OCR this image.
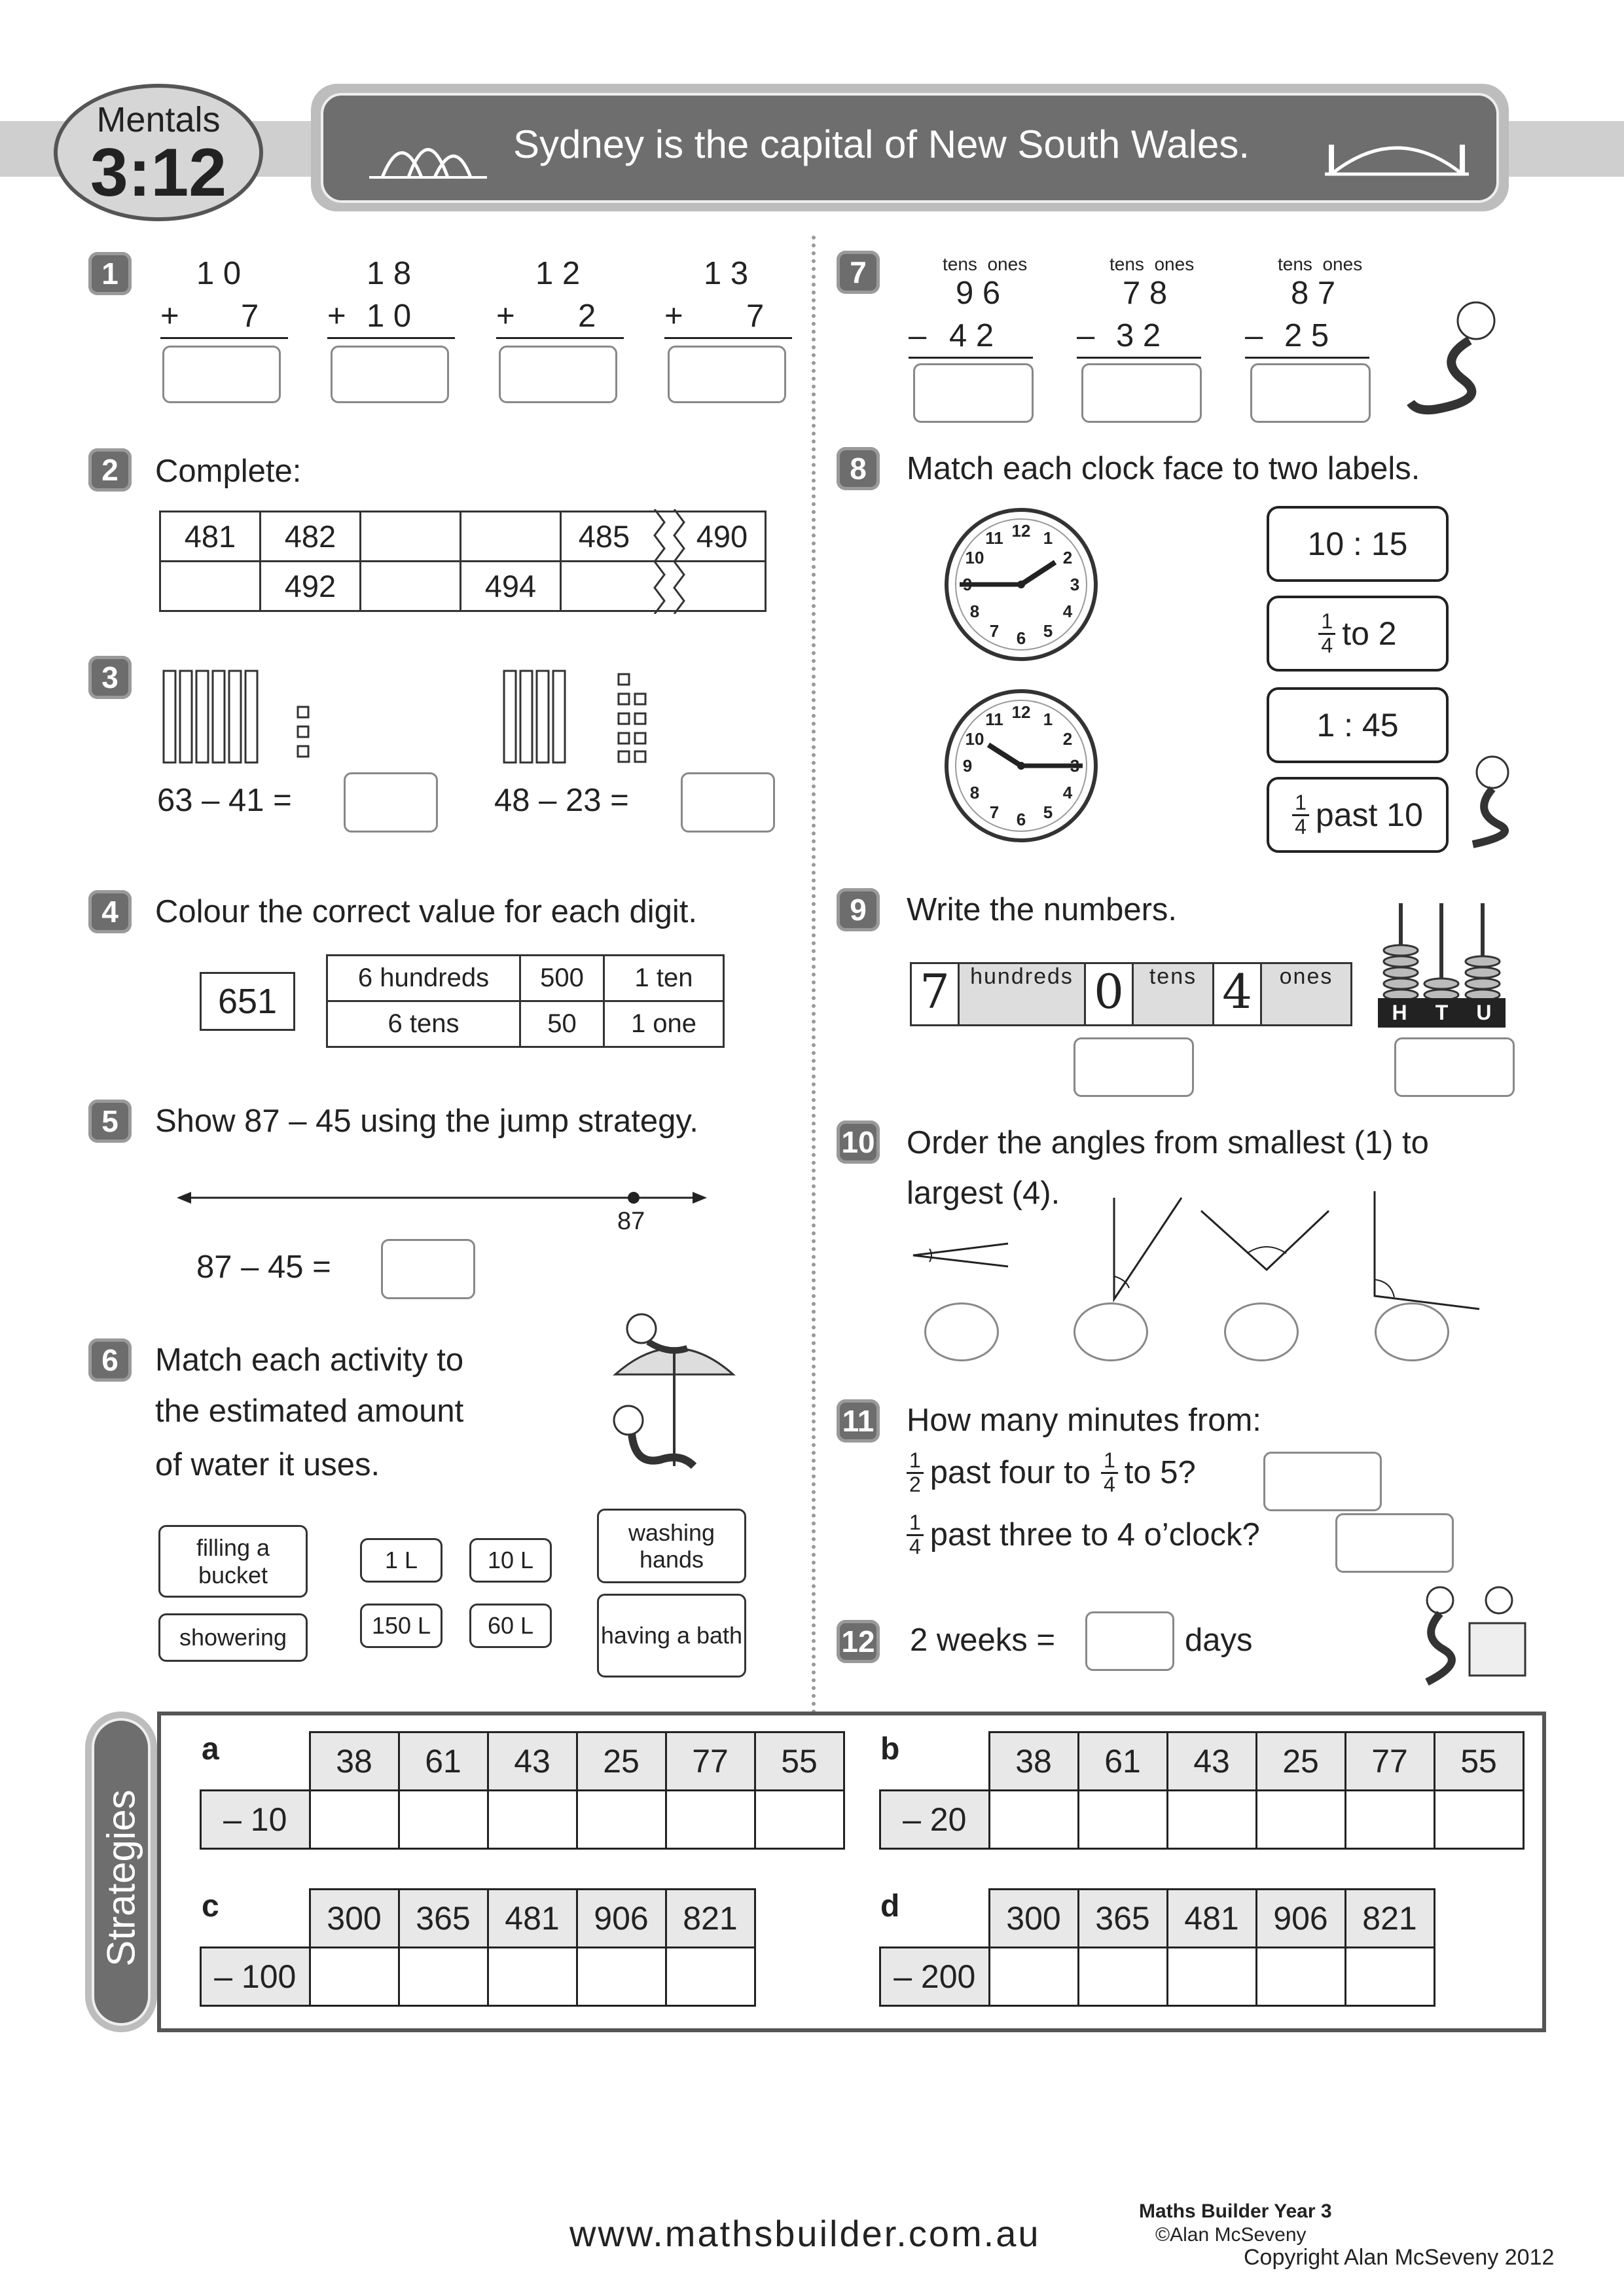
Mentals
3:12	Sydney is the capital of New South Wales.
1	1 0
+ 7
1 8
+ 1 0
1 2
+ 2
1 3
+ 7
2	Complete:
481	482			485		490
	492		494			
3
63 – 41 =	48 – 23 =
4	Colour the correct value for each digit.
651
6 hundreds	500	1 ten
6 tens	50	1 one
5	Show 87 – 45 using the jump strategy.
87
87 – 45 =
6	Match each activity to
the estimated amount
of water it uses.
filling a bucket
showering
1 L	10 L
150 L	60 L
washing hands
having a bath
7	tens  ones
9 6
– 4 2
tens  ones
7 8
– 3 2
tens  ones
8 7
– 2 5
8	Match each clock face to two labels.
12 1
2
3
4
5
6
7
8
9
10
11
12 1
2
3
4
5
6
7
8
9
10
11
10 : 15
$\frac{1}{4}$ to 2
1 : 45
$\frac{1}{4}$ past 10
9	Write the numbers.
7 hundreds 0	tens 4	ones
H T U
10 Order the angles from smallest (1) to
largest (4).
11 How many minutes from:
$\frac{1}{2}$ past four to $\frac{1}{4}$ to 5?
$\frac{1}{4}$ past three to 4 o’clock?
12 2 weeks =	days
Strategies
a
		38	61	43	25	77	55
– 10						
b
		38	61	43	25	77	55
– 20						
c
		300	365	481	906	821
– 100					
d
		300	365	481	906	821
– 200					
www.mathsbuilder.com.au
Maths Builder Year 3
©Alan McSeveny
Copyright Alan McSeveny 2012
